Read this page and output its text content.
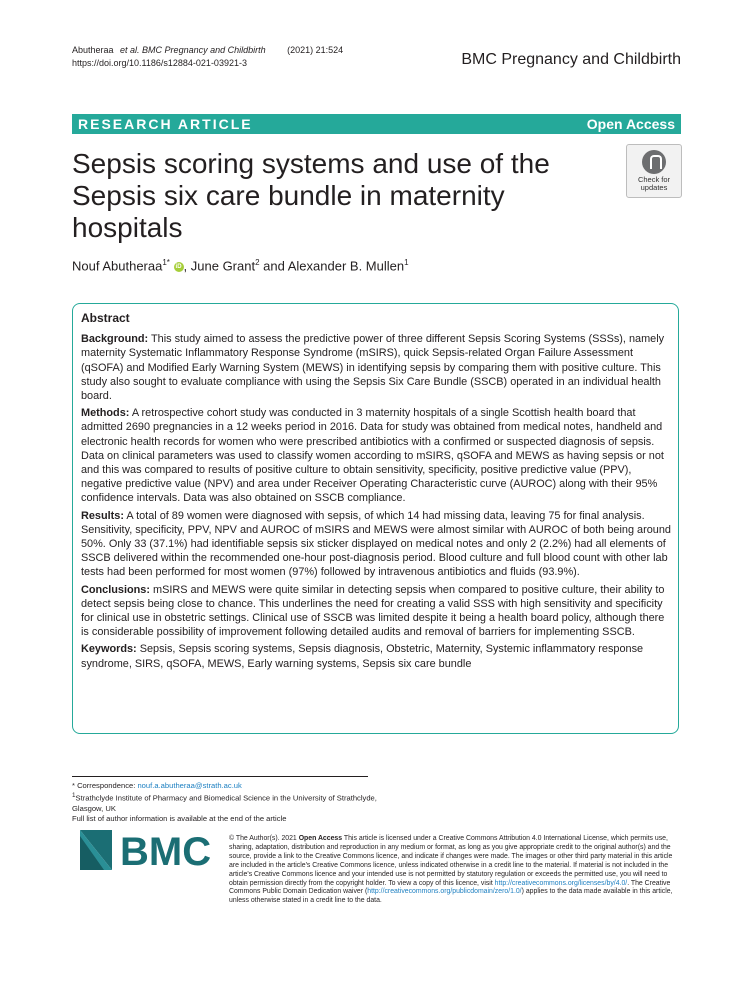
Abutheraa et al. BMC Pregnancy and Childbirth (2021) 21:524
https://doi.org/10.1186/s12884-021-03921-3	BMC Pregnancy and Childbirth
RESEARCH ARTICLE	Open Access
Sepsis scoring systems and use of the Sepsis six care bundle in maternity hospitals
Check for
updates
Nouf Abutheraa$^{1*}$ iD , June Grant$^2$ and Alexander B. Mullen$^1$
Abstract

Background: This study aimed to assess the predictive power of three different Sepsis Scoring Systems (SSSs), namely maternity Systematic Inflammatory Response Syndrome (mSIRS), quick Sepsis-related Organ Failure Assessment (qSOFA) and Modified Early Warning System (MEWS) in identifying sepsis by comparing them with positive culture. This study also sought to evaluate compliance with using the Sepsis Six Care Bundle (SSCB) operated in an individual health board.

Methods: A retrospective cohort study was conducted in 3 maternity hospitals of a single Scottish health board that admitted 2690 pregnancies in a 12 weeks period in 2016. Data for study was obtained from medical notes, handheld and electronic health records for women who were prescribed antibiotics with a confirmed or suspected diagnosis of sepsis. Data on clinical parameters was used to classify women according to mSIRS, qSOFA and MEWS as having sepsis or not and this was compared to results of positive culture to obtain sensitivity, specificity, positive predictive value (PPV), negative predictive value (NPV) and area under Receiver Operating Characteristic curve (AUROC) along with their 95% confidence intervals. Data was also obtained on SSCB compliance.

Results: A total of 89 women were diagnosed with sepsis, of which 14 had missing data, leaving 75 for final analysis. Sensitivity, specificity, PPV, NPV and AUROC of mSIRS and MEWS were almost similar with AUROC of both being around 50%. Only 33 (37.1%) had identifiable sepsis six sticker displayed on medical notes and only 2 (2.2%) had all elements of SSCB delivered within the recommended one-hour post-diagnosis period. Blood culture and full blood count with other lab tests had been performed for most women (97%) followed by intravenous antibiotics and fluids (93.9%).

Conclusions: mSIRS and MEWS were quite similar in detecting sepsis when compared to positive culture, their ability to detect sepsis being close to chance. This underlines the need for creating a valid SSS with high sensitivity and specificity for clinical use in obstetric settings. Clinical use of SSCB was limited despite it being a health board policy, although there is considerable possibility of improvement following detailed audits and removal of barriers for implementing SSCB.

Keywords: Sepsis, Sepsis scoring systems, Sepsis diagnosis, Obstetric, Maternity, Systemic inflammatory response syndrome, SIRS, qSOFA, MEWS, Early warning systems, Sepsis six care bundle

* Correspondence: nouf.a.abutheraa@strath.ac.uk
$^1$Strathclyde Institute of Pharmacy and Biomedical Science in the University of Strathclyde, Glasgow, UK
Full list of author information is available at the end of the article
BMC	© The Author(s). 2021 Open Access This article is licensed under a Creative Commons Attribution 4.0 International License, which permits use, sharing, adaptation, distribution and reproduction in any medium or format, as long as you give appropriate credit to the original author(s) and the source, provide a link to the Creative Commons licence, and indicate if changes were made. The images or other third party material in this article are included in the article's Creative Commons licence, unless indicated otherwise in a credit line to the material. If material is not included in the article's Creative Commons licence and your intended use is not permitted by statutory regulation or exceeds the permitted use, you will need to obtain permission directly from the copyright holder. To view a copy of this licence, visit http://creativecommons.org/licenses/by/4.0/. The Creative Commons Public Domain Dedication waiver (http://creativecommons.org/publicdomain/zero/1.0/) applies to the data made available in this article, unless otherwise stated in a credit line to the data.
